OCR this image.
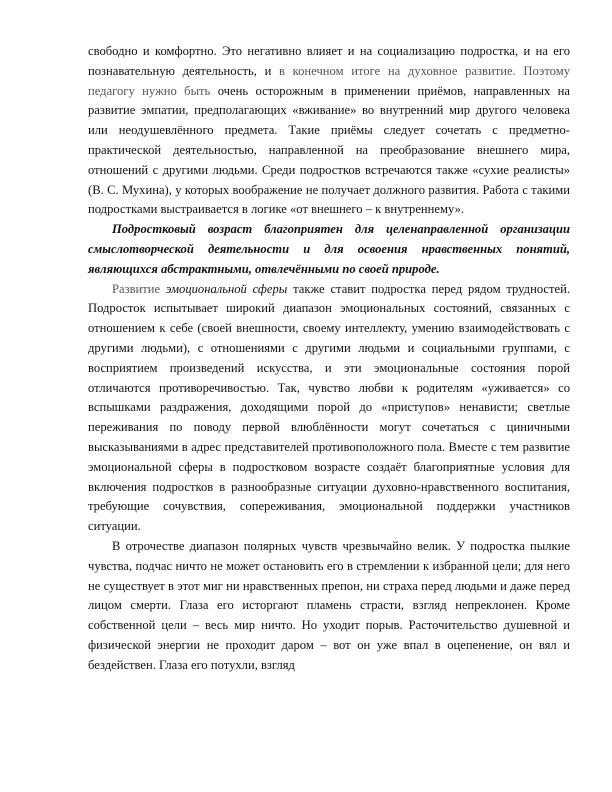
свободно и комфортно. Это негативно влияет и на социализацию подростка, и на его познавательную деятельность, и в конечном итоге на духовное развитие. Поэтому педагогу нужно быть очень осторожным в применении приёмов, направленных на развитие эмпатии, предполагающих «вживание» во внутренний мир другого человека или неодушевлённого предмета. Такие приёмы следует сочетать с предметно-практической деятельностью, направленной на преобразование внешнего мира, отношений с другими людьми. Среди подростков встречаются также «сухие реалисты» (В. С. Мухина), у которых воображение не получает должного развития. Работа с такими подростками выстраивается в логике «от внешнего – к внутреннему».

Подростковый возраст благоприятен для целенаправленной организации смыслотворческой деятельности и для освоения нравственных понятий, являющихся абстрактными, отвлечёнными по своей природе.

Развитие эмоциональной сферы также ставит подростка перед рядом трудностей. Подросток испытывает широкий диапазон эмоциональных состояний, связанных с отношением к себе (своей внешности, своему интеллекту, умению взаимодействовать с другими людьми), с отношениями с другими людьми и социальными группами, с восприятием произведений искусства, и эти эмоциональные состояния порой отличаются противоречивостью. Так, чувство любви к родителям «уживается» со вспышками раздражения, доходящими порой до «приступов» ненависти; светлые переживания по поводу первой влюблённости могут сочетаться с циничными высказываниями в адрес представителей противоположного пола. Вместе с тем развитие эмоциональной сферы в подростковом возрасте создаёт благоприятные условия для включения подростков в разнообразные ситуации духовно-нравственного воспитания, требующие сочувствия, сопереживания, эмоциональной поддержки участников ситуации.

В отрочестве диапазон полярных чувств чрезвычайно велик. У подростка пылкие чувства, подчас ничто не может остановить его в стремлении к избранной цели; для него не существует в этот миг ни нравственных препон, ни страха перед людьми и даже перед лицом смерти. Глаза его исторгают пламень страсти, взгляд непреклонен. Кроме собственной цели – весь мир ничто. Но уходит порыв. Расточительство душевной и физической энергии не проходит даром – вот он уже впал в оцепенение, он вял и бездействен. Глаза его потухли, взгляд
